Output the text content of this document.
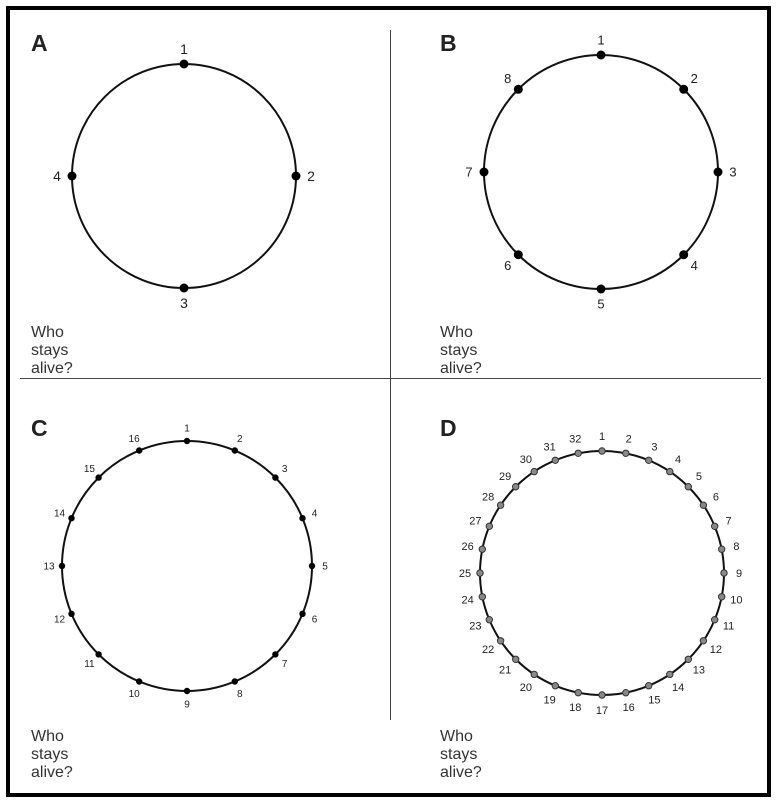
A	1
2
3
4
Who stays alive?
B	1
2
3
4
5
6
7
8
Who stays alive?
C	1
2
3
4
5
6
7
8
9
10
11
12
13
14
15
16
Who stays alive?
D	1 2
3
4
5
6
7
8
9
10
11
12
13
14
15
16
17
18
19
20
21
22
23
24
25
26
27
28
29
30
31
32
Who stays alive?
